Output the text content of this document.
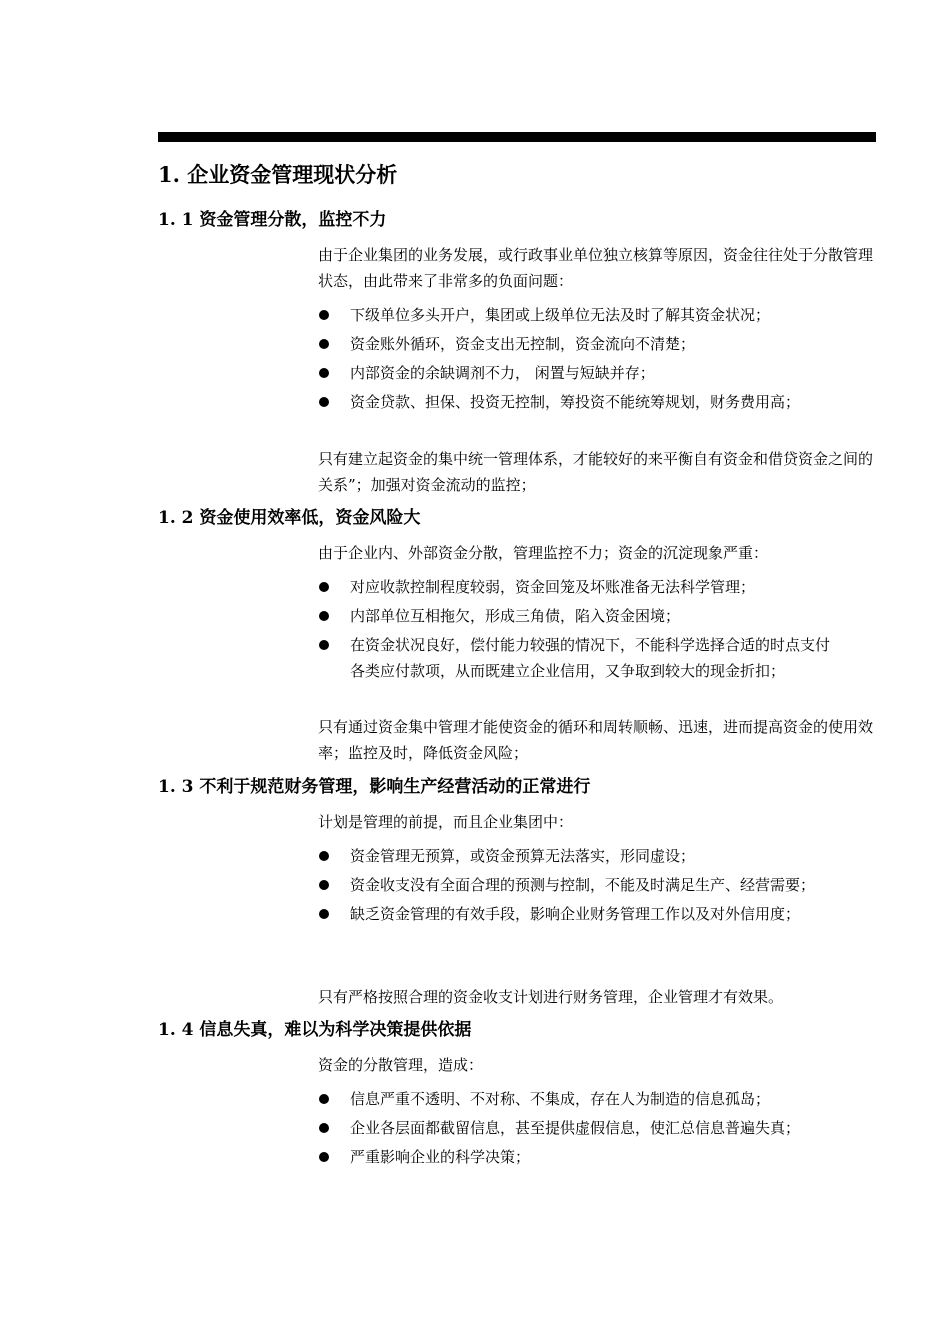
1. 企业资金管理现状分析
1. 1 资金管理分散，监控不力
由于企业集团的业务发展，或行政事业单位独立核算等原因，资金往往处于分散管理状态，由此带来了非常多的负面问题：
下级单位多头开户，集团或上级单位无法及时了解其资金状况；
资金账外循环，资金支出无控制，资金流向不清楚；
内部资金的余缺调剂不力， 闲置与短缺并存；
资金贷款、担保、投资无控制，筹投资不能统筹规划，财务费用高；
只有建立起资金的集中统一管理体系，才能较好的来平衡自有资金和借贷资金之间的关系”；加强对资金流动的监控；
1. 2 资金使用效率低，资金风险大
由于企业内、外部资金分散，管理监控不力；资金的沉淀现象严重：
对应收款控制程度较弱，资金回笼及坏账准备无法科学管理；
内部单位互相拖欠，形成三角债，陷入资金困境；
在资金状况良好，偿付能力较强的情况下，不能科学选择合适的时点支付各类应付款项，从而既建立企业信用，又争取到较大的现金折扣；
只有通过资金集中管理才能使资金的循环和周转顺畅、迅速，进而提高资金的使用效率；监控及时，降低资金风险；
1. 3 不利于规范财务管理，影响生产经营活动的正常进行
计划是管理的前提，而且企业集团中：
资金管理无预算，或资金预算无法落实，形同虚设；
资金收支没有全面合理的预测与控制，不能及时满足生产、经营需要；
缺乏资金管理的有效手段，影响企业财务管理工作以及对外信用度；
只有严格按照合理的资金收支计划进行财务管理，企业管理才有效果。
1. 4 信息失真，难以为科学决策提供依据
资金的分散管理，造成：
信息严重不透明、不对称、不集成，存在人为制造的信息孤岛；
企业各层面都截留信息，甚至提供虚假信息，使汇总信息普遍失真；
严重影响企业的科学决策；
